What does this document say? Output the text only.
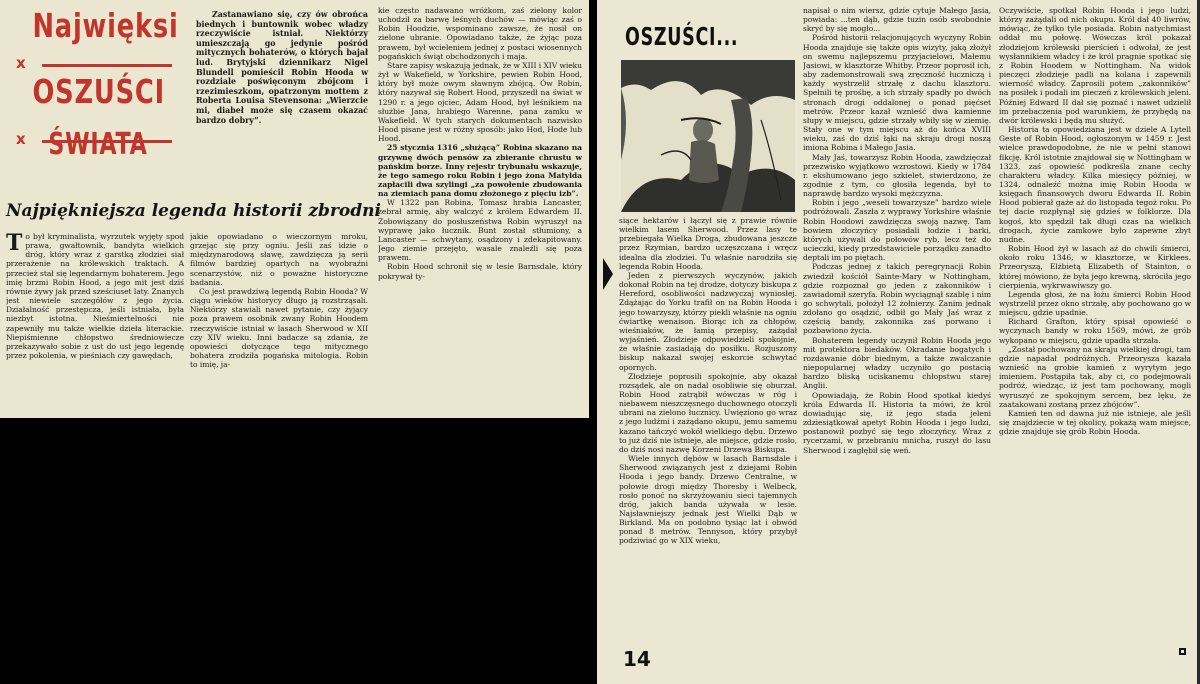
Najwięksi
x
OSZUŚCI
x ŚWIATA

Zastanawiano się, czy ów obrońca biednych i buntownik wobec władzy rzeczywiście istniał. Niektórzy umieszczają go jedynie pośród mitycznych bohaterów, o których bajał lud. Brytyjski dziennikarz Nigel Blundell pomieścił Robin Hooda w rozdziale poświęconym zbójcom i rzezimieszkom, opatrzonym mottem z Roberta Louisa Stevensona: „Wierzcie mi, diabeł może się czasem okazać bardzo dobry”.

Najpiękniejsza legenda historii zbrodni

To był kryminalista, wyrzutek wyjęty spod prawa, gwałtownik, bandyta wielkich dróg, który wraz z garstką złodziei siał przerażenie na królewskich traktach. A przecież stał się legendarnym bohaterem. Jego imię brzmi Robin Hood, a jego mit jest dziś równie żywy jak przed sześciuset laty. Znanych jest niewiele szczegółów z jego życia. Działalność przestępcza, jeśli istniała, była niezbyt istotna. Nieśmiertelności nie zapewniły mu także wielkie dzieła literackie. Niepiśmienne chłopstwo średniowiecze przekazywało sobie z ust do ust jego legendę przez pokolenia, w pieśniach czy gawędach,

jakie opowiadano o wieczornym mroku, grzejąc się przy ogniu. Jeśli zaś idzie o międzynarodową sławę, zawdzięcza ją serii filmów bardziej opartych na wyobraźni scenarzystów, niż o poważne historyczne badania.

Co jest prawdziwą legendą Robin Hooda? W ciągu wieków historycy długo ją rozstrząsali. Niektórzy stawiali nawet pytanie, czy żyjący poza prawem osobnik zwany Robin Hoodem rzeczywiście istniał w lasach Sherwood w XII czy XIV wieku. Inni badacze są zdania, że opowieści dotyczące tego mitycznego bohatera zrodziła pogańska mitologia. Robin to imię, ja-

kie często nadawano wróżkom, zaś zielony kolor uchodził za barwę leśnych duchów — mówiąc zaś o Robin Hoodzie, wspominano zawsze, że nosił on zielone ubranie. Opowiadano także, że żyjąc poza prawem, był wcieleniem jednej z postaci wiosennych pogańskich świąt obchodzonych i maja.

Stare zapisy wskazują jednak, że w XIII i XIV wieku żył w Wakefield, w Yorkshire, pewien Robin Hood, który był może owym sławnym zbójcą. Ów Robin, który nazywał się Robert Hood, przyszedł na świat w 1290 r. a jego ojciec, Adam Hood, był leśnikiem na służbie Jana, hrabiego Warenne, pana zamku w Wakefield. W tych starych dokumentach nazwisko Hood pisane jest w różny sposób: jako Hod, Hode lub Hood.

25 stycznia 1316 „służącą” Robina skazano na grzywnę dwóch pensów za zbieranie chrustu w pańskim borze. Inny rejestr trybunału wskazuje, że tego samego roku Robin i jego żona Matylda zapłacili dwa szylingi „za powołenie zbudowania na ziemiach pana domu złożonego z pięciu izb”.

W 1322 pan Robina, Tomasz hrabia Lancaster, zebrał armię, aby walczyć z królem Edwardem II. Zobowiązany do posłuszeństwa Robin wyruszył na wyprawę jako łucznik. Bunt został stłumiony, a Lancaster — schwytany, osądzony i zdekapitowany. Jego ziemie przejęto, wasale znaleźli się poza prawem.

Robin Hood schronił się w lesie Barnsdale, który pokrywał ty-

OSZUŚCI...

siące hektarów i łączył się z prawie równie wielkim lasem Sherwood. Przez lasy te przebiegała Wielka Droga, zbudowana jeszcze przez Rzymian, bardzo uczęszczana i wręcz idealna dla złodziei. Tu właśnie narodziła się legenda Robin Hooda.

Jeden z pierwszych wyczynów, jakich dokonał Robin na tej drodze, dotyczy biskupa z Hereford, osobliwości nadzwyczaj wyniosłej. Zdążając do Yorku trafił on na Robin Hooda i jego towarzyszy, którzy piekli właśnie na ogniu ćwiartkę wenaison. Biorąc ich za chłopów, wieśniaków, że łamią przepisy, zażądał wyjaśnień. Złodzieje odpowiedzieli spokojnie, że właśnie zasiadają do posiłku. Rozjuszony biskup nakazał swojej eskorcie schwytać opornych.

Złodzieje poprosili spokojnie, aby okazał rozsądek, ale on nadal osobliwie się oburzał. Robin Hood zatrąbił wówczas w róg i niebawem nieszczęsnego duchownego otoczyli ubrani na zielono łucznicy. Uwięziono go wraz z jego ludźmi i zażądano okupu, jemu samemu kazano tańczyć wokół wielkiego dębu. Drzewo to już dziś nie istnieje, ale miejsce, gdzie rosło, do dziś nosi nazwę Korzeni Drzewa Biskupa.

Wiele innych dębów w lasach Barnsdale i Sherwood związanych jest z dziejami Robin Hooda i jego bandy. Drzewo Centralne, w połowie drogi między Thoresby i Welbeck, rosło ponoć na skrzyżowaniu sieci tajemnych dróg, jakich banda używała w lesie. Najsławniejszy jednak jest Wielki Dąb w Birkland. Ma on podobno tysiąc lat i obwód ponad 8 metrów. Tennyson, który przybył podziwiać go w XIX wieku,

14

napisał o nim wiersz, gdzie cytuje Małego Jasia, powiada: ...ten dąb, gdzie tuzin osób swobodnie skryć by się mogło...

Pośród historii relacjonujących wyczyny Robin Hooda znajduje się także opis wizyty, jaką złożył on swemu najlepszemu przyjacielowi, Małemu Jasiowi, w klasztorze Whitby. Przeor poprosił ich, aby zademonstrowali swą zręczność łuczniczą i każdy wystrzelił strzałę z dachu klasztoru. Spełnili tę prośbę, a ich strzały spadły po dwóch stronach drogi oddalonej o ponad pięćset metrów. Przeor kazał wznieść dwa kamienne słupy w miejscu, gdzie strzały wbiły się w ziemię. Stały one w tym miejscu aż do końca XVIII wieku, zaś do dziś łąki na skraju drogi noszą imiona Robina i Małego Jasia.

Mały Jaś, towarzysz Robin Hooda, zawdzięczał przezwisko wyjątkowo wzrostowi. Kiedy w 1784 r. ekshumowano jego szkielet, stwierdzono, że zgodnie z tym, co głosiła legenda, był to naprawdę bardzo wysoki mężczyzna.

Robin i jego „weseli towarzysze” bardzo wiele podróżowali. Zaszła z wyprawy Yorkshire właśnie Robin Hoodowi zawdzięcza swoją nazwę. Tam bowiem złoczyńcy posiadali łodzie i barki, których używali do połowów ryb, lecz też do ucieczki, kiedy przedstawiciele porządku zanadto deptali im po piętach.

Podczas jednej z takich peregrynacji Robin zwiedził kościół Sainte-Mary w Nottingham, gdzie rozpoznał go jeden z zakonników i zawiadomił szeryfa. Robin wyciągnął szablę i nim go schwytali, położył 12 żołnierzy. Zanim jednak zdołano go osądzić, odbił go Mały Jaś wraz z częścią bandy, zakonnika zaś porwano i pozbawiono życia.

Bohaterem legendy uczynił Robin Hooda jego mit protektora biedaków. Okradanie bogatych i rozdawanie dóbr biednym, a także zwalczanie niepopularnej władzy uczyniło go postacią bardzo bliską uciskanemu chłopstwu starej Anglii.

Opowiadają, że Robin Hood spotkał kiedyś króla Edwarda II. Historia ta mówi, że król dowiadując się, iż jego stada jeleni zdziesiątkował apetyt Robin Hooda i jego ludzi, postanowił pozbyć się tego złoczyńcy. Wraz z rycerzami, w przebraniu mnicha, ruszył do lasu Sherwood i zagłębił się weń.

Oczywiście, spotkał Robin Hooda i jego ludzi, którzy zażądali od nich okupu. Król dał 40 liwrów, mówiąc, że tylko tyle posiada. Robin natychmiast oddał mu połowę. Wówczas król pokazał złodziejom królewski pierścień i odwołał, że jest wysłannikiem władcy i że król pragnie spotkać się z Robin Hoodem w Nottingham. Na widok pieczęci złodzieje padli na kolana i zapewnili wierność władcy. Zaprosili potem „zakonników” na posiłek i podali im pieczeń z królewskich jeleni. Później Edward II dał się poznać i nawet udzielił im przebaczenia pod warunkiem, że przybędą na dwór królewski i będą mu służyć.

Historia ta opowiedziana jest w dziele A Lytell Geste of Robin Hood, ogłoszonym w 1459 r. Jest wielce prawdopodobne, że nie w pełni stanowi fikcję. Król istotnie znajdował się w Nottingham w 1323, zaś opowieść podkreśla znane cechy charakteru władcy. Kilka miesięcy później, w 1324, odnaleźć można imię Robin Hooda w księgach finansowych dworu Edwarda II. Robin Hood pobierał gaże aż do listopada tegoż roku. Po tej dacie rozpłynął się gdzieś w folklorze. Dla kogoś, kto spędził tak długi czas na wielkich drogach, życie zamkowe było zapewne zbyt nudne.

Robin Hood żył w lasach aż do chwili śmierci, około roku 1346, w klasztorze, w Kirklees. Przeoryszą, Elżbietą Elizabeth of Stainton, o której mówiono, że była jego krewną, skróciła jego cierpienia, wykrwawiwszy go.

Legenda głosi, że na łożu śmierci Robin Hood wystrzelił przez okno strzałę, aby pochowano go w miejscu, gdzie upadnie.

Richard Grafton, który spisał opowieść o wyczynach bandy w roku 1569, mówi, że grób wykopano w miejscu, gdzie upadła strzała.

„Został pochowany na skraju wielkiej drogi, tam gdzie napadał podróżnych. Przeorysza kazała wznieść na grobie kamień z wyrytym jego imieniem. Postąpiła tak, aby ci, co podejmowali podróż, wiedząc, iż jest tam pochowany, mogli wyruszyć ze spokojnym sercem, bez lęku, że zaatakowani zostaną przez zbójców”.

Kamień ten od dawna już nie istnieje, ale jeśli się znajdziecie w tej okolicy, pokażą wam miejsce, gdzie znajduje się grób Robin Hooda.
